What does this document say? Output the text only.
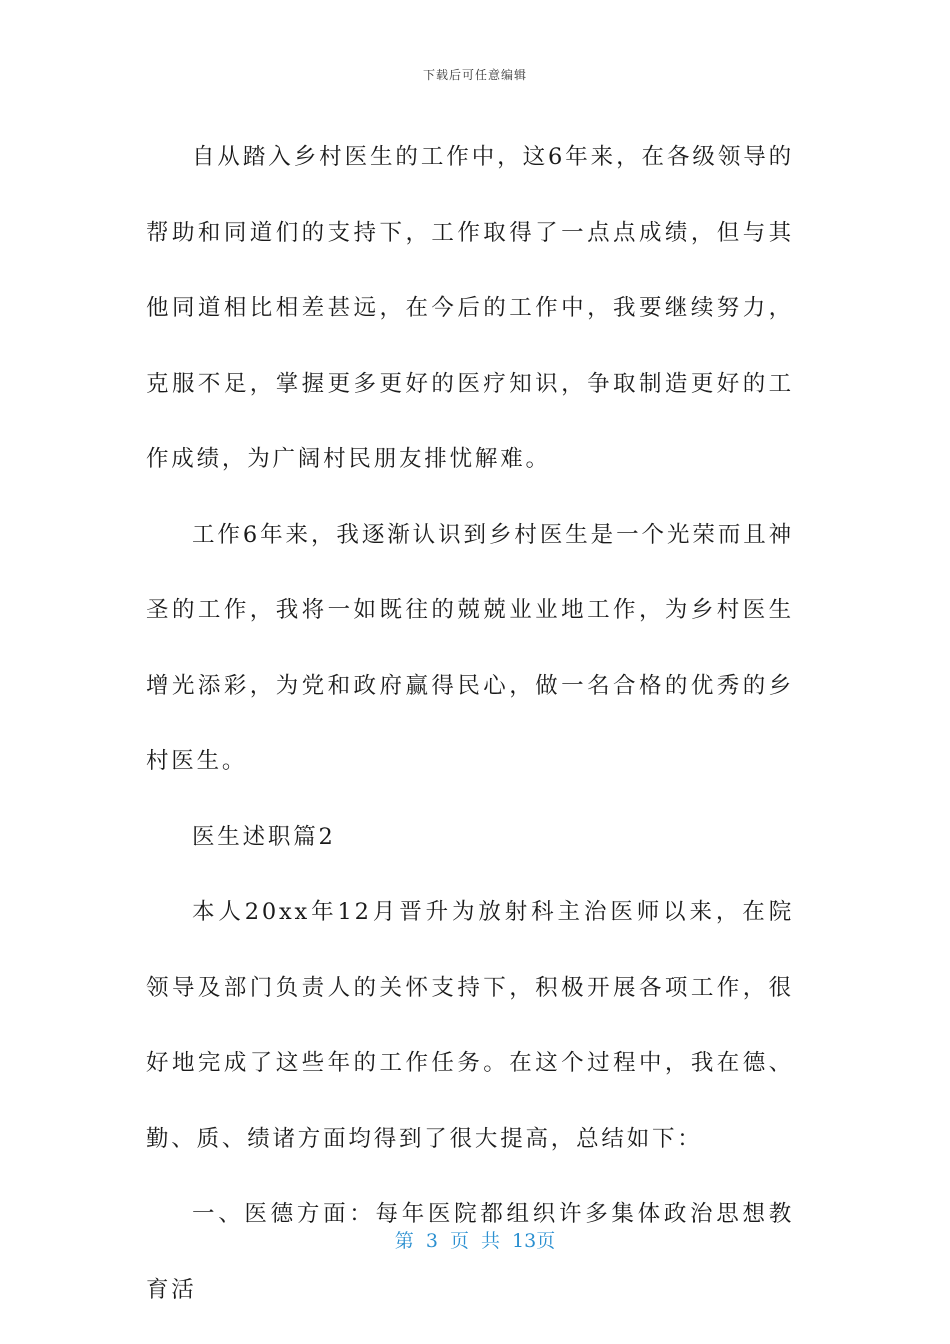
下载后可任意编辑

自从踏入乡村医生的工作中，这6年来，在各级领导的帮助和同道们的支持下，工作取得了一点点成绩，但与其他同道相比相差甚远，在今后的工作中，我要继续努力，克服不足，掌握更多更好的医疗知识，争取制造更好的工作成绩，为广阔村民朋友排忧解难。

工作6年来，我逐渐认识到乡村医生是一个光荣而且神圣的工作，我将一如既往的兢兢业业地工作，为乡村医生增光添彩，为党和政府赢得民心，做一名合格的优秀的乡村医生。

医生述职篇2

本人20xx年12月晋升为放射科主治医师以来，在院领导及部门负责人的关怀支持下，积极开展各项工作，很好地完成了这些年的工作任务。在这个过程中，我在德、勤、质、绩诸方面均得到了很大提高，总结如下：

一、医德方面：每年医院都组织许多集体政治思想教育活

第 3 页 共 13页
